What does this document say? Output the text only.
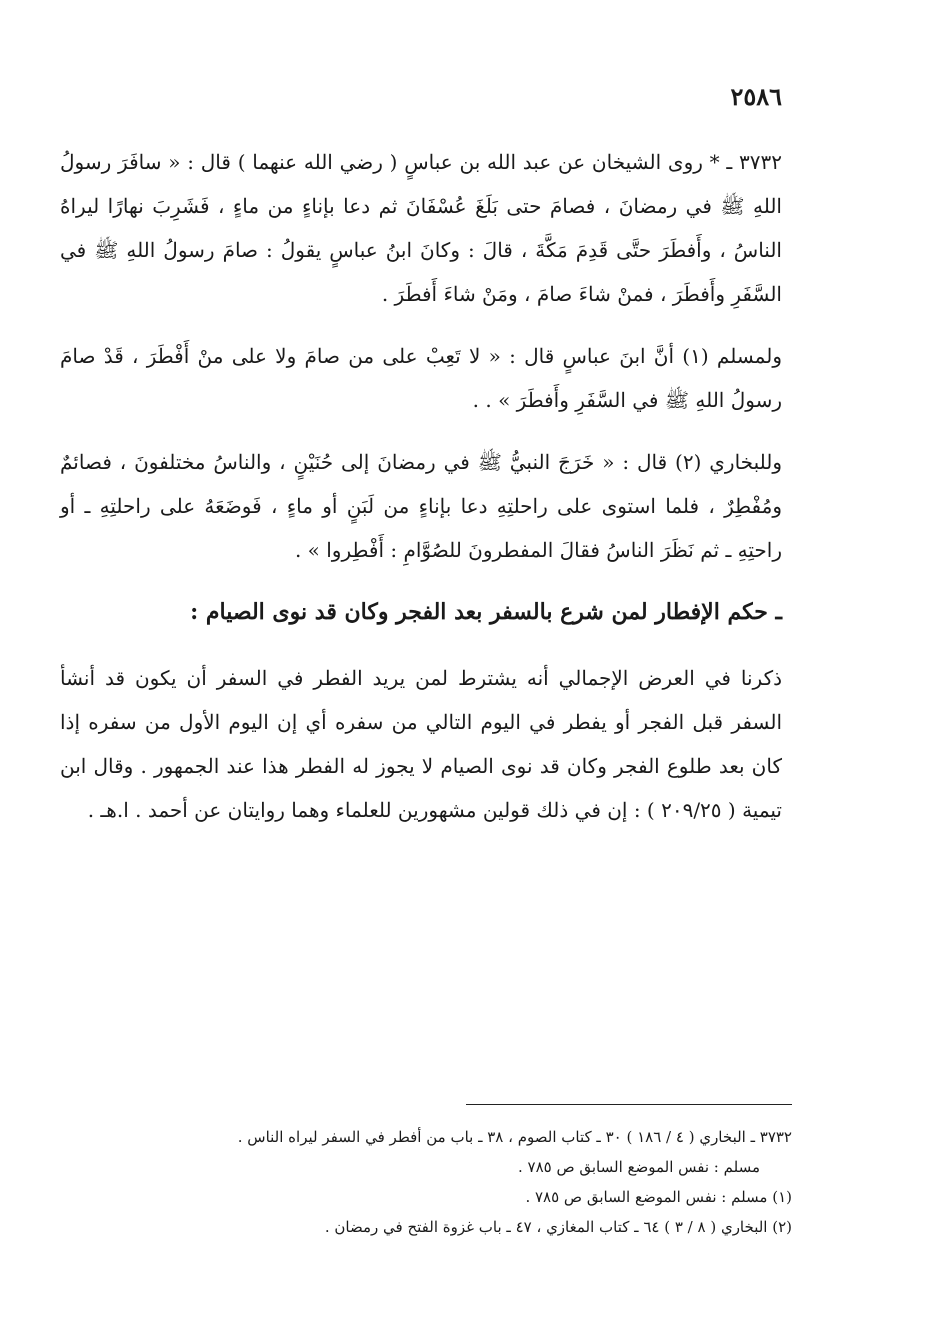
٢٥٨٦

٣٧٣٢ ـ * روى الشيخان عن عبد الله بن عباسٍ ( رضي الله عنهما ) قال : « سافَرَ رسولُ اللهِ ﷺ في رمضانَ ، فصامَ حتى بَلَغَ عُسْفَانَ ثم دعا بإناءٍ من ماءٍ ، فَشَرِبَ نهارًا ليراهُ الناسُ ، وأَفطَرَ حتَّى قَدِمَ مَكَّةَ ، قالَ : وكانَ ابنُ عباسٍ يقولُ : صامَ رسولُ اللهِ ﷺ في السَّفَرِ وأَفطَرَ ، فمنْ شاءَ صامَ ، ومَنْ شاءَ أَفطَرَ .

ولمسلم (١) أنَّ ابنَ عباسٍ قال : « لا تَعِبْ على من صامَ ولا على منْ أَفْطَرَ ، قَدْ صامَ رسولُ اللهِ ﷺ في السَّفَرِ وأَفطَرَ » . .

وللبخاري (٢) قال : « خَرَجَ النبيُّ ﷺ في رمضانَ إلى حُنَيْنٍ ، والناسُ مختلفونَ ، فصائمٌ ومُفْطِرٌ ، فلما استوى على راحلتِهِ دعا بإناءٍ من لَبَنٍ أو ماءٍ ، فَوضَعَهُ على راحلتِهِ ـ أو راحتِهِ ـ ثم نَظَرَ الناسُ فقالَ المفطرونَ للصُوَّامِ : أَفْطِروا » .

ـ حكم الإفطار لمن شرع بالسفر بعد الفجر وكان قد نوى الصيام :

ذكرنا في العرض الإجمالي أنه يشترط لمن يريد الفطر في السفر أن يكون قد أنشأ السفر قبل الفجر أو يفطر في اليوم التالي من سفره أي إن اليوم الأول من سفره إذا كان بعد طلوع الفجر وكان قد نوى الصيام لا يجوز له الفطر هذا عند الجمهور . وقال ابن تيمية ( ٢٠٩/٢٥ ) : إن في ذلك قولين مشهورين للعلماء وهما روايتان عن أحمد . ا.هـ .

٣٧٣٢ ـ البخاري ( ٤ / ١٨٦ ) ٣٠ ـ كتاب الصوم ، ٣٨ ـ باب من أفطر في السفر ليراه الناس .

مسلم : نفس الموضع السابق ص ٧٨٥ .

(١) مسلم : نفس الموضع السابق ص ٧٨٥ .

(٢) البخاري ( ٨ / ٣ ) ٦٤ ـ كتاب المغازي ، ٤٧ ـ باب غزوة الفتح في رمضان .
